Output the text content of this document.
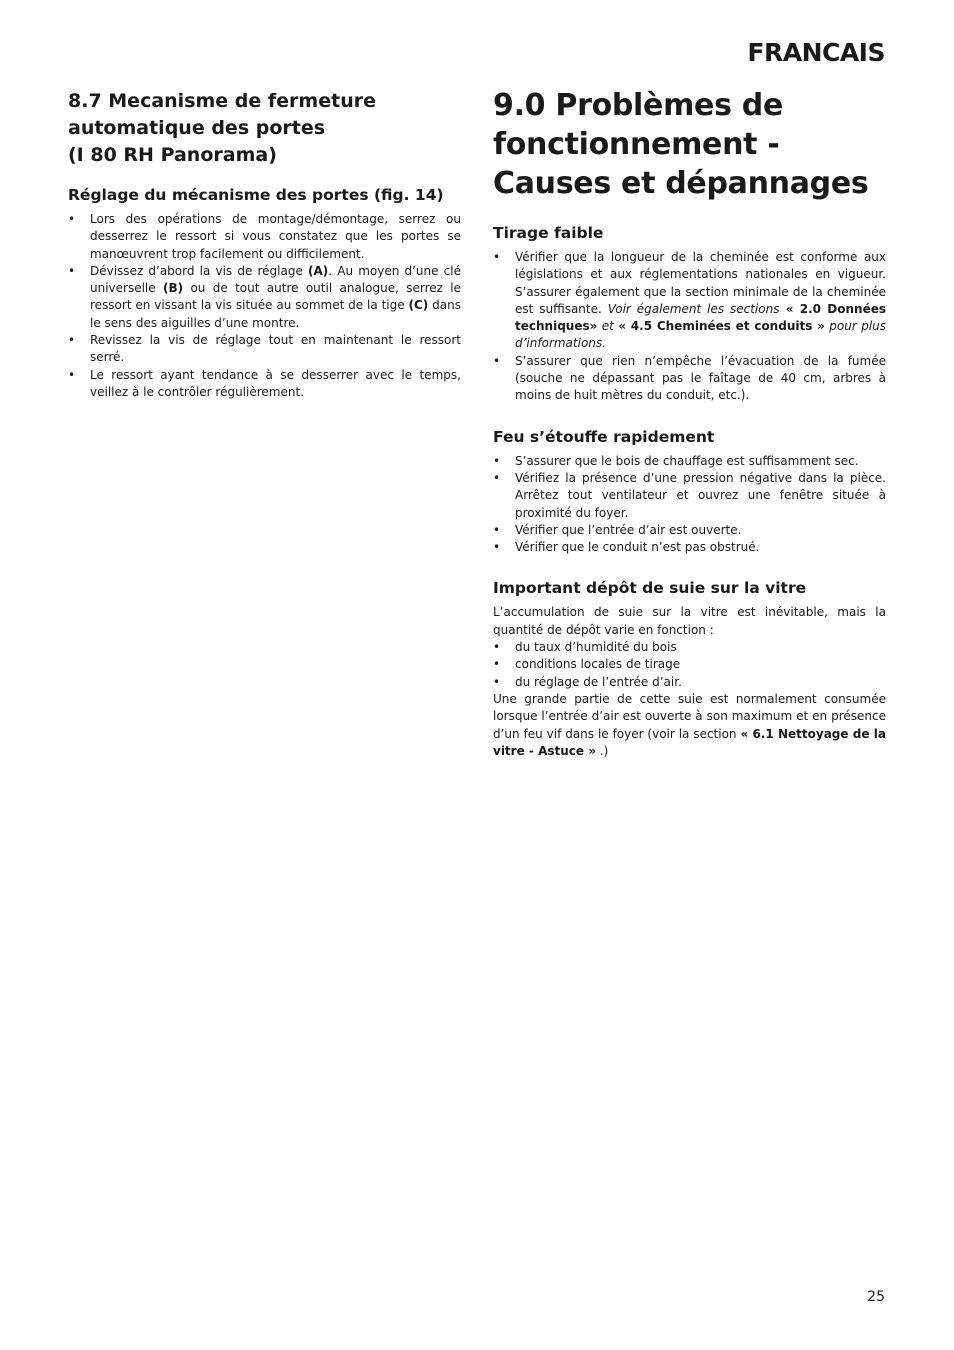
FRANCAIS

8.7 Mecanisme de fermeture
automatique des portes
(I 80 RH Panorama)
Réglage du mécanisme des portes (fig. 14)
• Lors des opérations de montage/démontage, serrez ou desserrez le ressort si vous constatez que les portes se manœuvrent trop facilement ou difficilement.
• Dévissez d’abord la vis de réglage (A). Au moyen d’une clé universelle (B) ou de tout autre outil analogue, serrez le ressort en vissant la vis située au sommet de la tige (C) dans le sens des aiguilles d’une montre.
• Revissez la vis de réglage tout en maintenant le ressort serré.
• Le ressort ayant tendance à se desserrer avec le temps, veillez à le contrôler régulièrement.
9.0 Problèmes de
fonctionnement -
Causes et dépannages
Tirage faible
• Vérifier que la longueur de la cheminée est conforme aux législations et aux réglementations nationales en vigueur. S’assurer également que la section minimale de la cheminée est suffisante. Voir également les sections « 2.0 Données techniques» et « 4.5 Cheminées et conduits » pour plus d’informations.
• S’assurer que rien n’empêche l’évacuation de la fumée (souche ne dépassant pas le faîtage de 40 cm, arbres à moins de huit mètres du conduit, etc.).
Feu s’étouffe rapidement
• S’assurer que le bois de chauffage est suffisamment sec.
• Vérifiez la présence d’une pression négative dans la pièce. Arrêtez tout ventilateur et ouvrez une fenêtre située à proximité du foyer.
• Vérifier que l’entrée d’air est ouverte.
• Vérifier que le conduit n’est pas obstrué.
Important dépôt de suie sur la vitre

L’accumulation de suie sur la vitre est inévitable, mais la quantité de dépôt varie en fonction :

• du taux d’humidité du bois
• conditions locales de tirage
• du réglage de l’entrée d’air.

Une grande partie de cette suie est normalement consumée lorsque l’entrée d’air est ouverte à son maximum et en présence d’un feu vif dans le foyer (voir la section « 6.1 Nettoyage de la vitre - Astuce » .)

25
